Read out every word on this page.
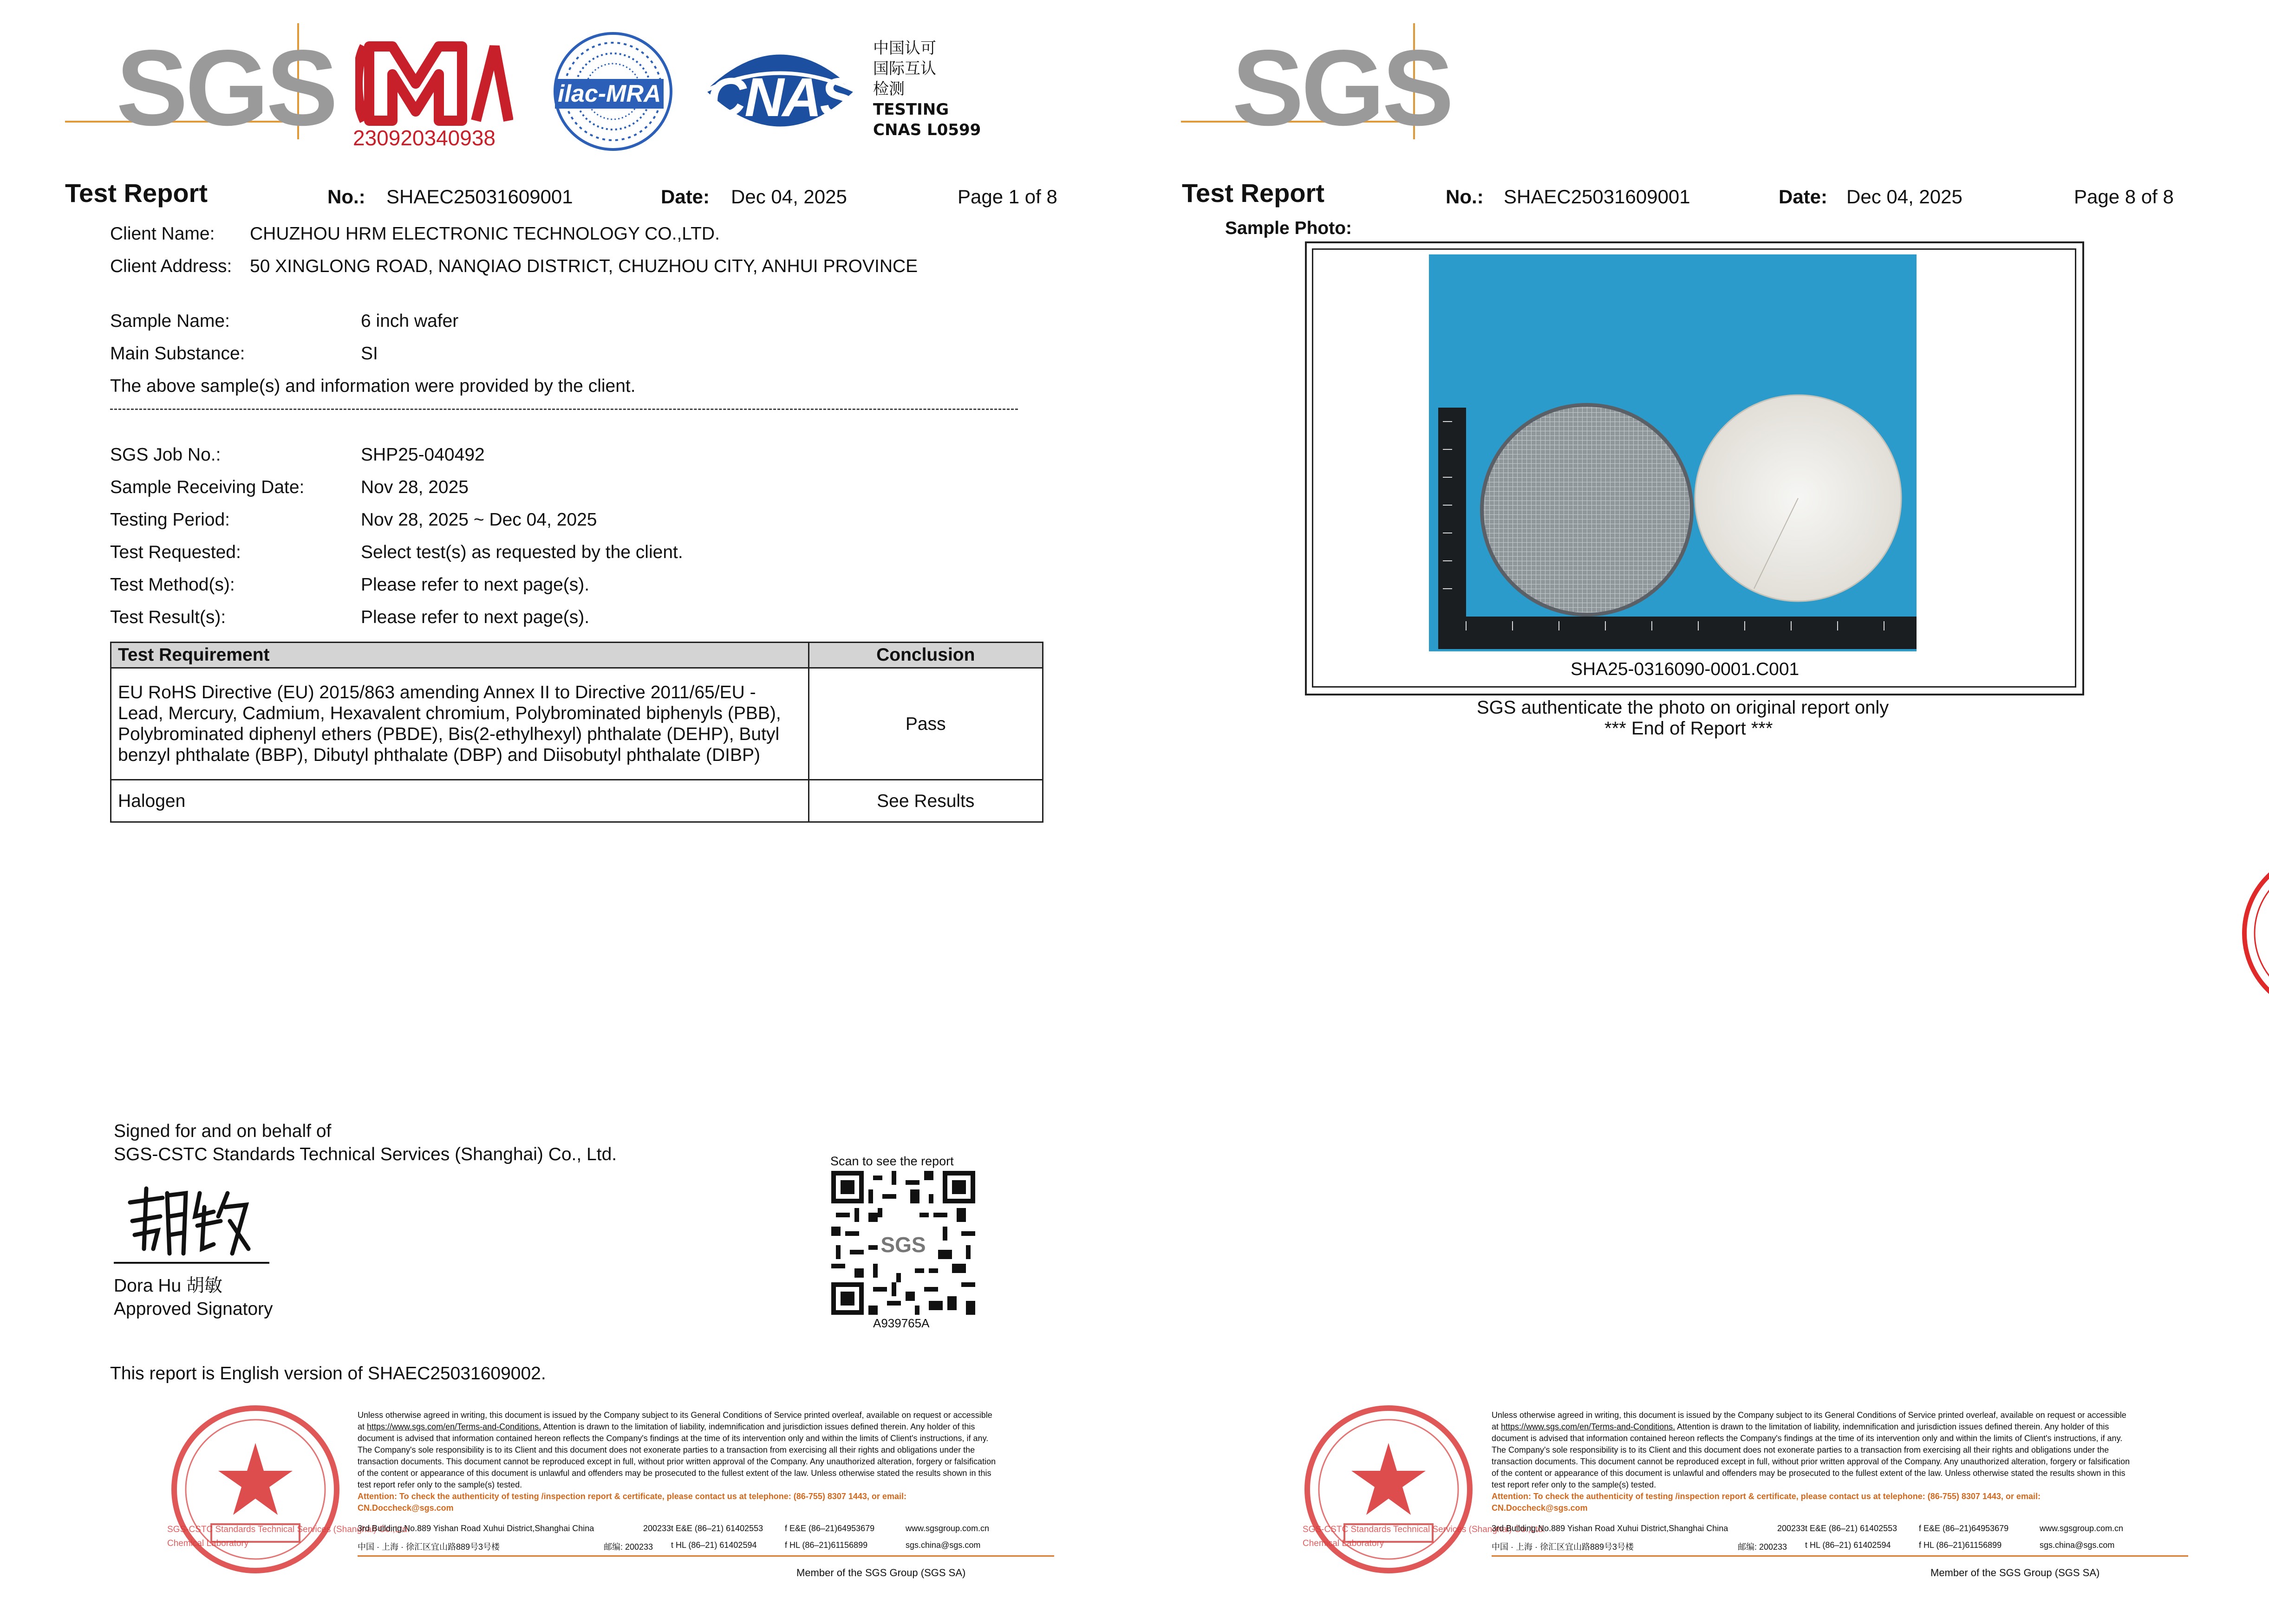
SGS 230920340938
ilac-MRA CNAS
中国认可
国际互认
检测
TESTING
CNAS L0599
Test Report	No.: SHAEC25031609001	Date: Dec 04, 2025	Page 1 of 8
Client Name: CHUZHOU HRM ELECTRONIC TECHNOLOGY CO.,LTD.
Client Address: 50 XINGLONG ROAD, NANQIAO DISTRICT, CHUZHOU CITY, ANHUI PROVINCE
Sample Name:	6 inch wafer
Main Substance:	SI
The above sample(s) and information were provided by the client.
SGS Job No.:	SHP25-040492
Sample Receiving Date:	Nov 28, 2025
Testing Period:	Nov 28, 2025 ~ Dec 04, 2025
Test Requested:	Select test(s) as requested by the client.
Test Method(s):	Please refer to next page(s).
Test Result(s):	Please refer to next page(s).
Test Requirement	Conclusion
EU RoHS Directive (EU) 2015/863 amending Annex II to Directive 2011/65/EU - Lead, Mercury, Cadmium, Hexavalent chromium, Polybrominated biphenyls (PBB), Polybrominated diphenyl ethers (PBDE), Bis(2-ethylhexyl) phthalate (DEHP), Butyl benzyl phthalate (BBP), Dibutyl phthalate (DBP) and Diisobutyl phthalate (DIBP)	Pass
Halogen	See Results
Signed for and on behalf of
SGS-CSTC Standards Technical Services (Shanghai) Co., Ltd.
Dora Hu 胡敏
Approved Signatory
Scan to see the report
SGS
A939765A
This report is English version of SHAEC25031609002.
SGS-CSTC Standards Technical Services (Shanghai) Co.,Ltd.
Chemical Laboratory
Unless otherwise agreed in writing, this document is issued by the Company subject to its General Conditions of Service printed overleaf, available on request or accessible at https://www.sgs.com/en/Terms-and-Conditions. Attention is drawn to the limitation of liability, indemnification and jurisdiction issues defined therein. Any holder of this document is advised that information contained hereon reflects the Company's findings at the time of its intervention only and within the limits of Client's instructions, if any. The Company's sole responsibility is to its Client and this document does not exonerate parties to a transaction from exercising all their rights and obligations under the transaction documents. This document cannot be reproduced except in full, without prior written approval of the Company. Any unauthorized alteration, forgery or falsification of the content or appearance of this document is unlawful and offenders may be prosecuted to the fullest extent of the law. Unless otherwise stated the results shown in this test report refer only to the sample(s) tested.
Attention: To check the authenticity of testing /inspection report & certificate, please contact us at telephone: (86-755) 8307 1443, or email: CN.Doccheck@sgs.com
3rd Building,No.889 Yishan Road Xuhui District,Shanghai China	200233 t E&E (86–21) 61402553	f E&E (86–21)64953679	www.sgsgroup.com.cn
中国 · 上海 · 徐汇区宜山路889号3号楼	邮编: 200233 t HL (86–21) 61402594	f HL (86–21)61156899	sgs.china@sgs.com
Member of the SGS Group (SGS SA)
SGS
Test Report	No.: SHAEC25031609001	Date: Dec 04, 2025	Page 8 of 8
Sample Photo:
SHA25-0316090-0001.C001
SGS authenticate the photo on original report only
*** End of Report ***
SGS-CSTC Standards Technical Services (Shanghai) Co.,Ltd.
Chemical Laboratory
Unless otherwise agreed in writing, this document is issued by the Company subject to its General Conditions of Service printed overleaf, available on request or accessible at https://www.sgs.com/en/Terms-and-Conditions. Attention is drawn to the limitation of liability, indemnification and jurisdiction issues defined therein. Any holder of this document is advised that information contained hereon reflects the Company's findings at the time of its intervention only and within the limits of Client's instructions, if any. The Company's sole responsibility is to its Client and this document does not exonerate parties to a transaction from exercising all their rights and obligations under the transaction documents. This document cannot be reproduced except in full, without prior written approval of the Company. Any unauthorized alteration, forgery or falsification of the content or appearance of this document is unlawful and offenders may be prosecuted to the fullest extent of the law. Unless otherwise stated the results shown in this test report refer only to the sample(s) tested.
Attention: To check the authenticity of testing /inspection report & certificate, please contact us at telephone: (86-755) 8307 1443, or email: CN.Doccheck@sgs.com
3rd Building,No.889 Yishan Road Xuhui District,Shanghai China	200233 t E&E (86–21) 61402553	f E&E (86–21)64953679	www.sgsgroup.com.cn
中国 · 上海 · 徐汇区宜山路889号3号楼	邮编: 200233 t HL (86–21) 61402594	f HL (86–21)61156899	sgs.china@sgs.com
Member of the SGS Group (SGS SA)
